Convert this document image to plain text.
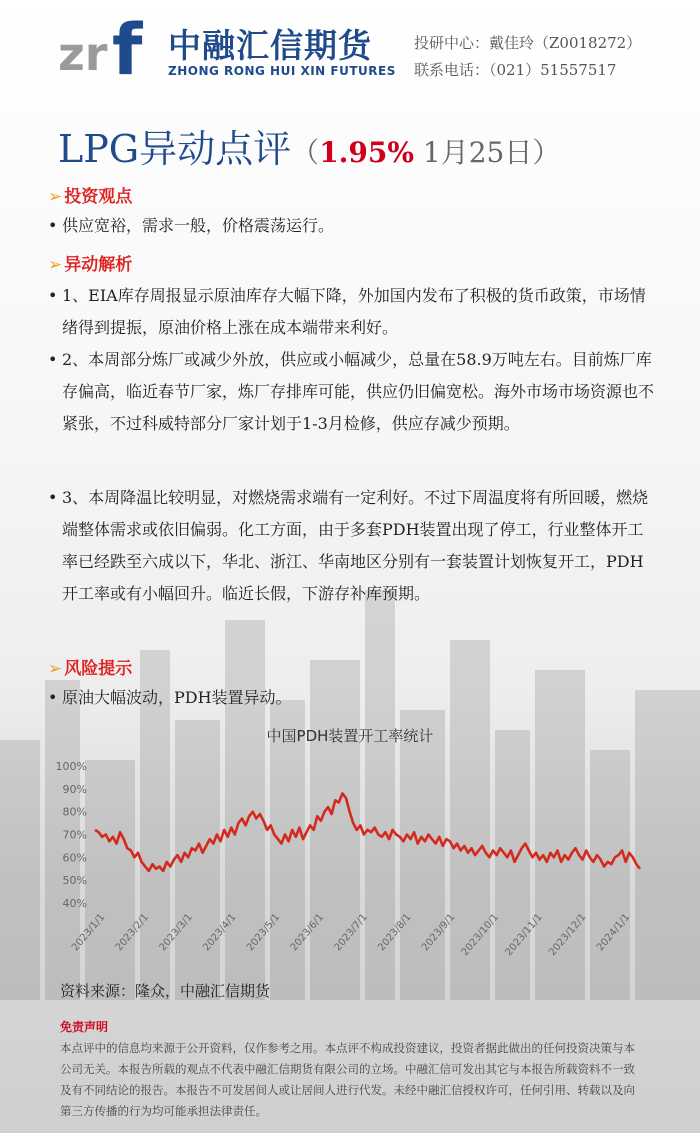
zr f 中融汇信期货
ZHONG RONG HUI XIN FUTURES
投研中心：戴佳玲（Z0018272）
联系电话：（021）51557517
LPG异动点评（1.95% 1月25日）
➢ 投资观点
• 供应宽裕，需求一般，价格震荡运行。
➢ 异动解析
• 1、EIA库存周报显示原油库存大幅下降，外加国内发布了积极的货币政策，市场情绪得到提振，原油价格上涨在成本端带来利好。
• 2、本周部分炼厂或减少外放，供应或小幅减少，总量在58.9万吨左右。目前炼厂库存偏高，临近春节厂家，炼厂存排库可能，供应仍旧偏宽松。海外市场市场资源也不紧张，不过科威特部分厂家计划于1-3月检修，供应存减少预期。
• 3、本周降温比较明显，对燃烧需求端有一定利好。不过下周温度将有所回暖，燃烧端整体需求或依旧偏弱。化工方面，由于多套PDH装置出现了停工，行业整体开工率已经跌至六成以下，华北、浙江、华南地区分别有一套装置计划恢复开工，PDH开工率或有小幅回升。临近长假，下游存补库预期。
➢ 风险提示
• 原油大幅波动，PDH装置异动。
中国PDH装置开工率统计
100%
90%
80%
70%
60%
50%
40%
2023/1/1 2023/2/1 2023/3/1 2023/4/1 2023/5/1 2023/6/1 2023/7/1 2023/8/1 2023/9/1 2023/10/1 2023/11/1 2023/12/1 2024/1/1
资料来源：隆众，中融汇信期货
免责声明
本点评中的信息均来源于公开资料，仅作参考之用。本点评不构成投资建议，投资者据此做出的任何投资决策与本公司无关。本报告所载的观点不代表中融汇信期货有限公司的立场。中融汇信可发出其它与本报告所载资料不一致及有不同结论的报告。本报告不可发居间人或让居间人进行代发。未经中融汇信授权许可，任何引用、转载以及向第三方传播的行为均可能承担法律责任。
